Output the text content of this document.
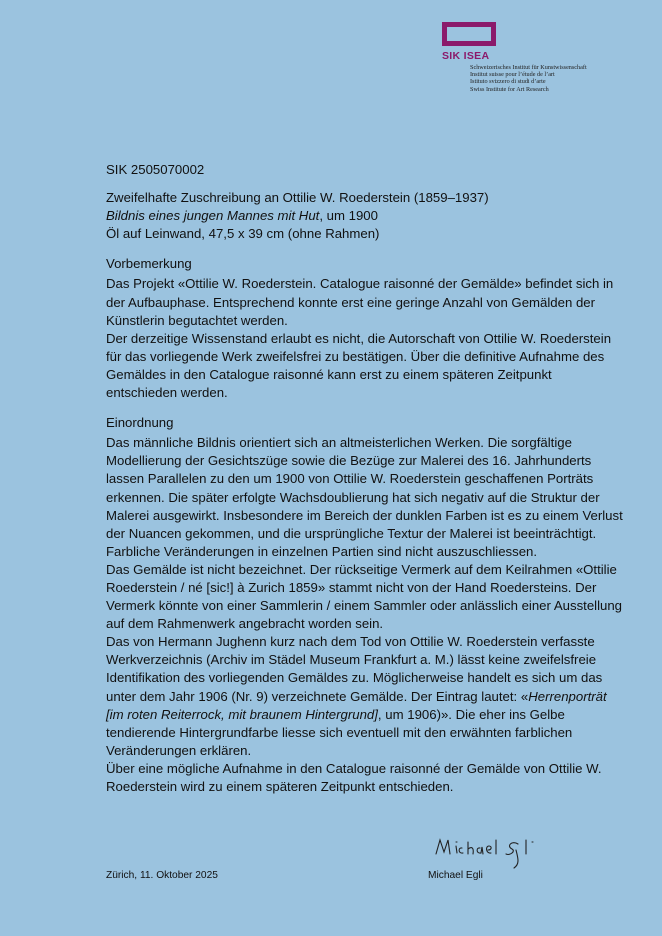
SIK ISEA
Schweizerisches Institut für Kunstwissenschaft
Institut suisse pour l’étude de l’art
Istituto svizzero di studi d’arte
Swiss Institute for Art Research

SIK 2505070002

Zweifelhafte Zuschreibung an Ottilie W. Roederstein (1859–1937)

Bildnis eines jungen Mannes mit Hut, um 1900

Öl auf Leinwand, 47,5 x 39 cm (ohne Rahmen)

Vorbemerkung

Das Projekt «Ottilie W. Roederstein. Catalogue raisonné der Gemälde» befindet sich in der Aufbauphase. Entsprechend konnte erst eine geringe Anzahl von Gemälden der Künstlerin begutachtet werden.

Der derzeitige Wissenstand erlaubt es nicht, die Autorschaft von Ottilie W. Roederstein für das vorliegende Werk zweifelsfrei zu bestätigen. Über die definitive Aufnahme des Gemäldes in den Catalogue raisonné kann erst zu einem späteren Zeitpunkt entschieden werden.

Einordnung

Das männliche Bildnis orientiert sich an altmeisterlichen Werken. Die sorgfältige Modellierung der Gesichtszüge sowie die Bezüge zur Malerei des 16. Jahrhunderts lassen Parallelen zu den um 1900 von Ottilie W. Roederstein geschaffenen Porträts erkennen. Die später erfolgte Wachsdoublierung hat sich negativ auf die Struktur der Malerei ausgewirkt. Insbesondere im Bereich der dunklen Farben ist es zu einem Verlust der Nuancen gekommen, und die ursprüngliche Textur der Malerei ist beeinträchtigt. Farbliche Veränderungen in einzelnen Partien sind nicht auszuschliessen.

Das Gemälde ist nicht bezeichnet. Der rückseitige Vermerk auf dem Keilrahmen «Ottilie Roederstein / né [sic!] à Zurich 1859» stammt nicht von der Hand Roedersteins. Der Vermerk könnte von einer Sammlerin / einem Sammler oder anlässlich einer Ausstellung auf dem Rahmenwerk angebracht worden sein.

Das von Hermann Jughenn kurz nach dem Tod von Ottilie W. Roederstein verfasste Werkverzeichnis (Archiv im Städel Museum Frankfurt a. M.) lässt keine zweifelsfreie Identifikation des vorliegenden Gemäldes zu. Möglicherweise handelt es sich um das unter dem Jahr 1906 (Nr. 9) verzeichnete Gemälde. Der Eintrag lautet: «Herrenporträt [im roten Reiterrock, mit braunem Hintergrund], um 1906)». Die eher ins Gelbe tendierende Hintergrundfarbe liesse sich eventuell mit den erwähnten farblichen Veränderungen erklären.

Über eine mögliche Aufnahme in den Catalogue raisonné der Gemälde von Ottilie W. Roederstein wird zu einem späteren Zeitpunkt entschieden.

Zürich, 11. Oktober 2025	Michael Egli
